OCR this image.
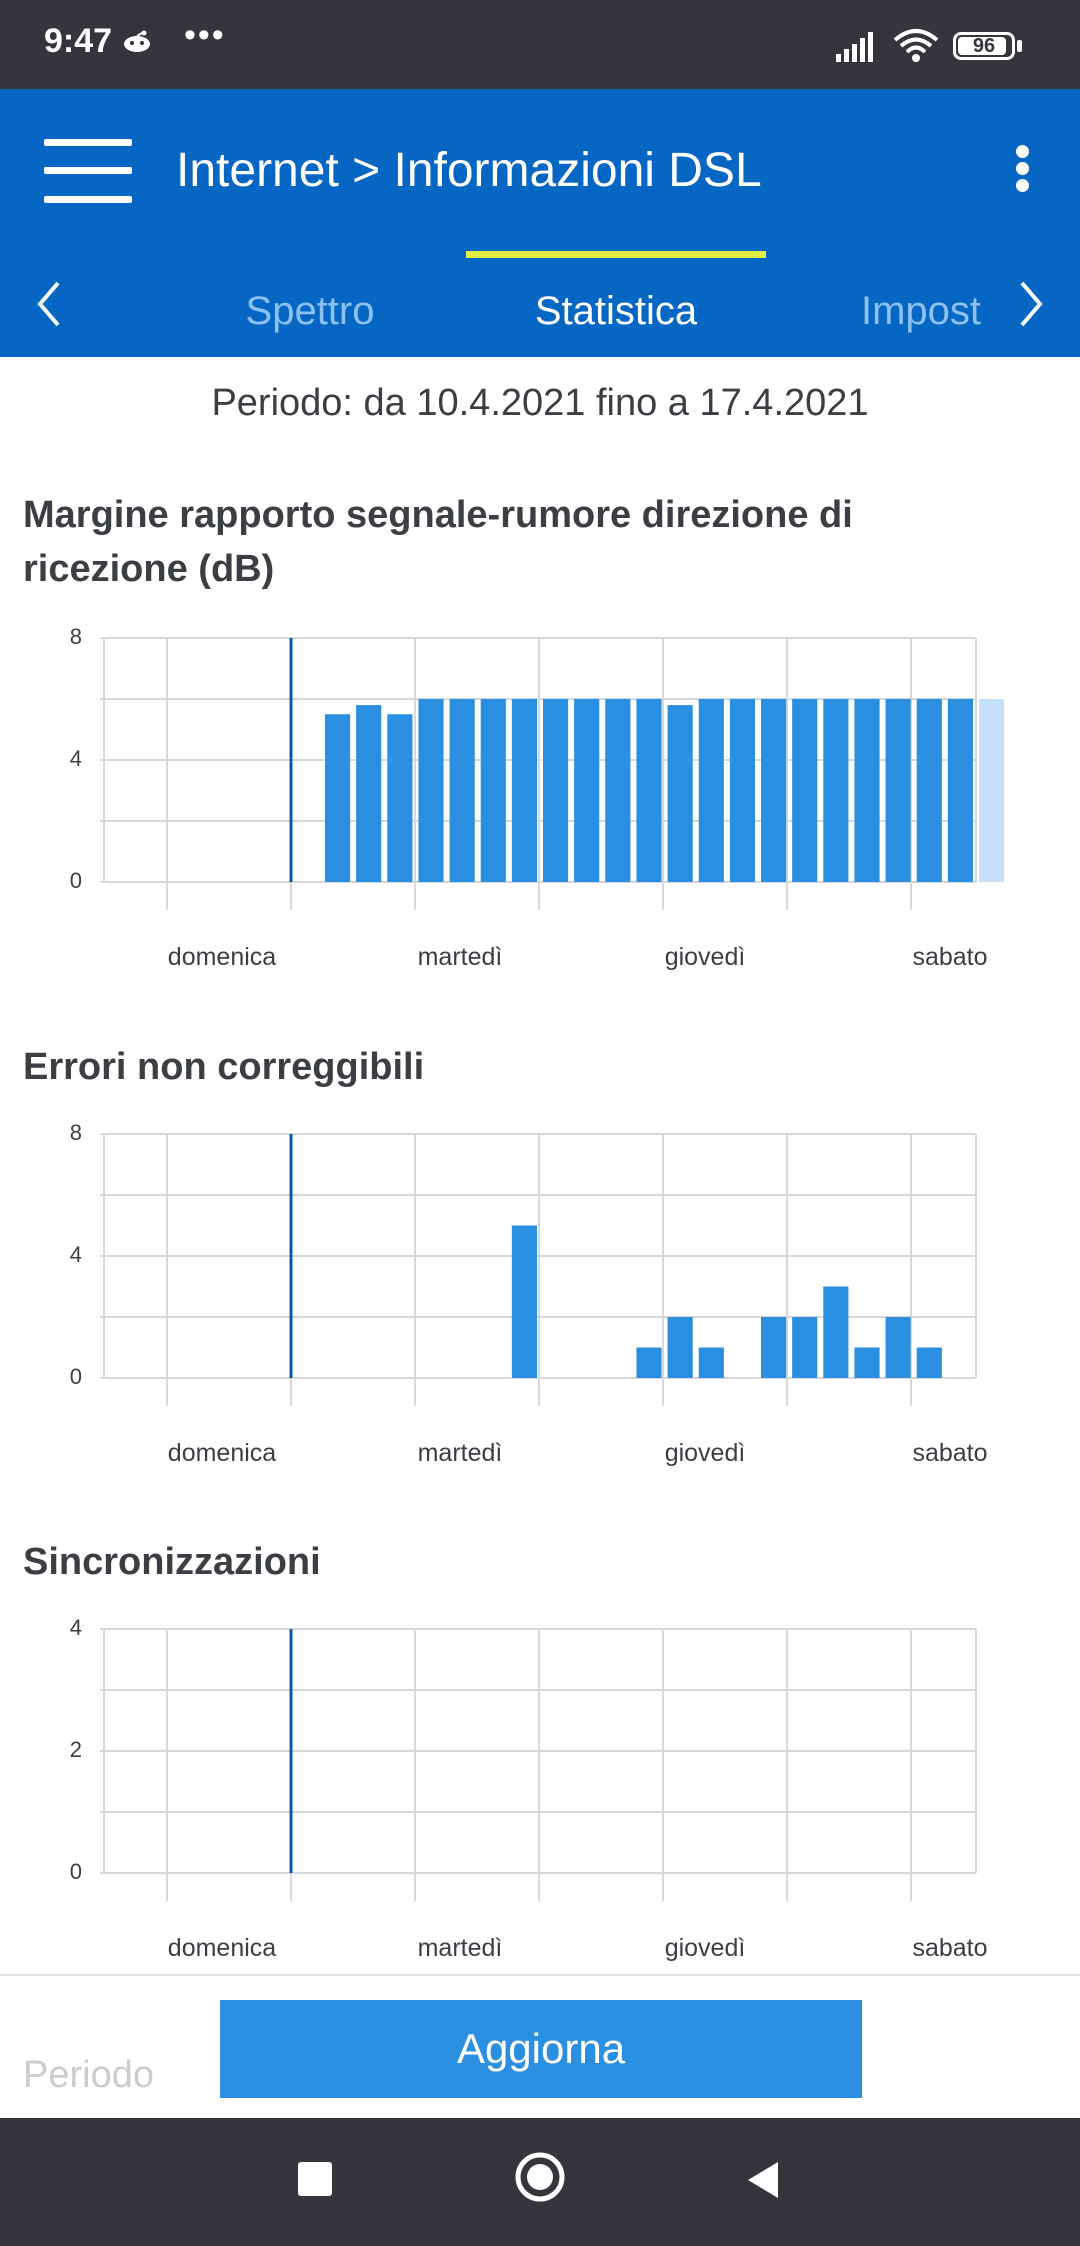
9:47 •••	96
Internet > Informazioni DSL
Spettro	Statistica	Impost
Periodo: da 10.4.2021 fino a 17.4.2021
Margine rapporto segnale-rumore direzione di ricezione (dB)
8
4
0
domenica	martedì	giovedì	sabato
Errori non correggibili
8
4
0
domenica	martedì	giovedì	sabato
Sincronizzazioni
4
2
0
domenica	martedì	giovedì	sabato
Periodo
Aggiorna
